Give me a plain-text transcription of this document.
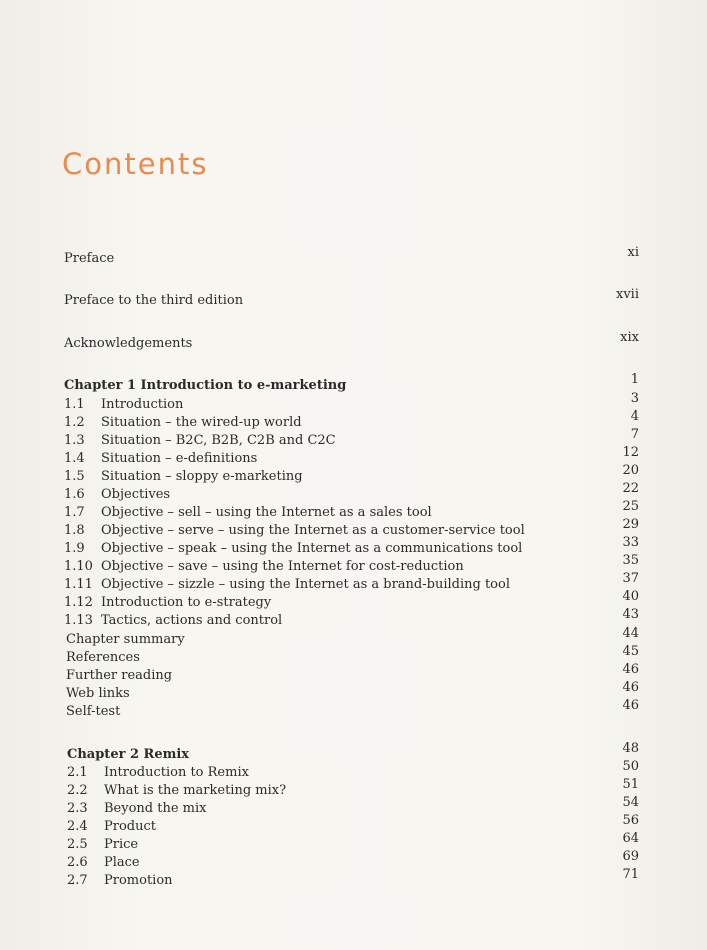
Contents
Preface	xi
Preface to the third edition	xvii
Acknowledgements	xix
Chapter 1 Introduction to e-marketing	1
1.1 Introduction	3
1.2 Situation – the wired-up world	4
1.3 Situation – B2C, B2B, C2B and C2C	7
1.4 Situation – e-definitions	12
1.5 Situation – sloppy e-marketing	20
1.6 Objectives	22
1.7 Objective – sell – using the Internet as a sales tool	25
1.8 Objective – serve – using the Internet as a customer-service tool	29
1.9 Objective – speak – using the Internet as a communications tool	33
1.10 Objective – save – using the Internet for cost-reduction	35
1.11 Objective – sizzle – using the Internet as a brand-building tool	37
1.12 Introduction to e-strategy	40
1.13 Tactics, actions and control	43
Chapter summary	44
References	45
Further reading	46
Web links	46
Self-test	46
Chapter 2 Remix	48
2.1 Introduction to Remix	50
2.2 What is the marketing mix?	51
2.3 Beyond the mix	54
2.4 Product	56
2.5 Price	64
2.6 Place	69
2.7 Promotion	71
